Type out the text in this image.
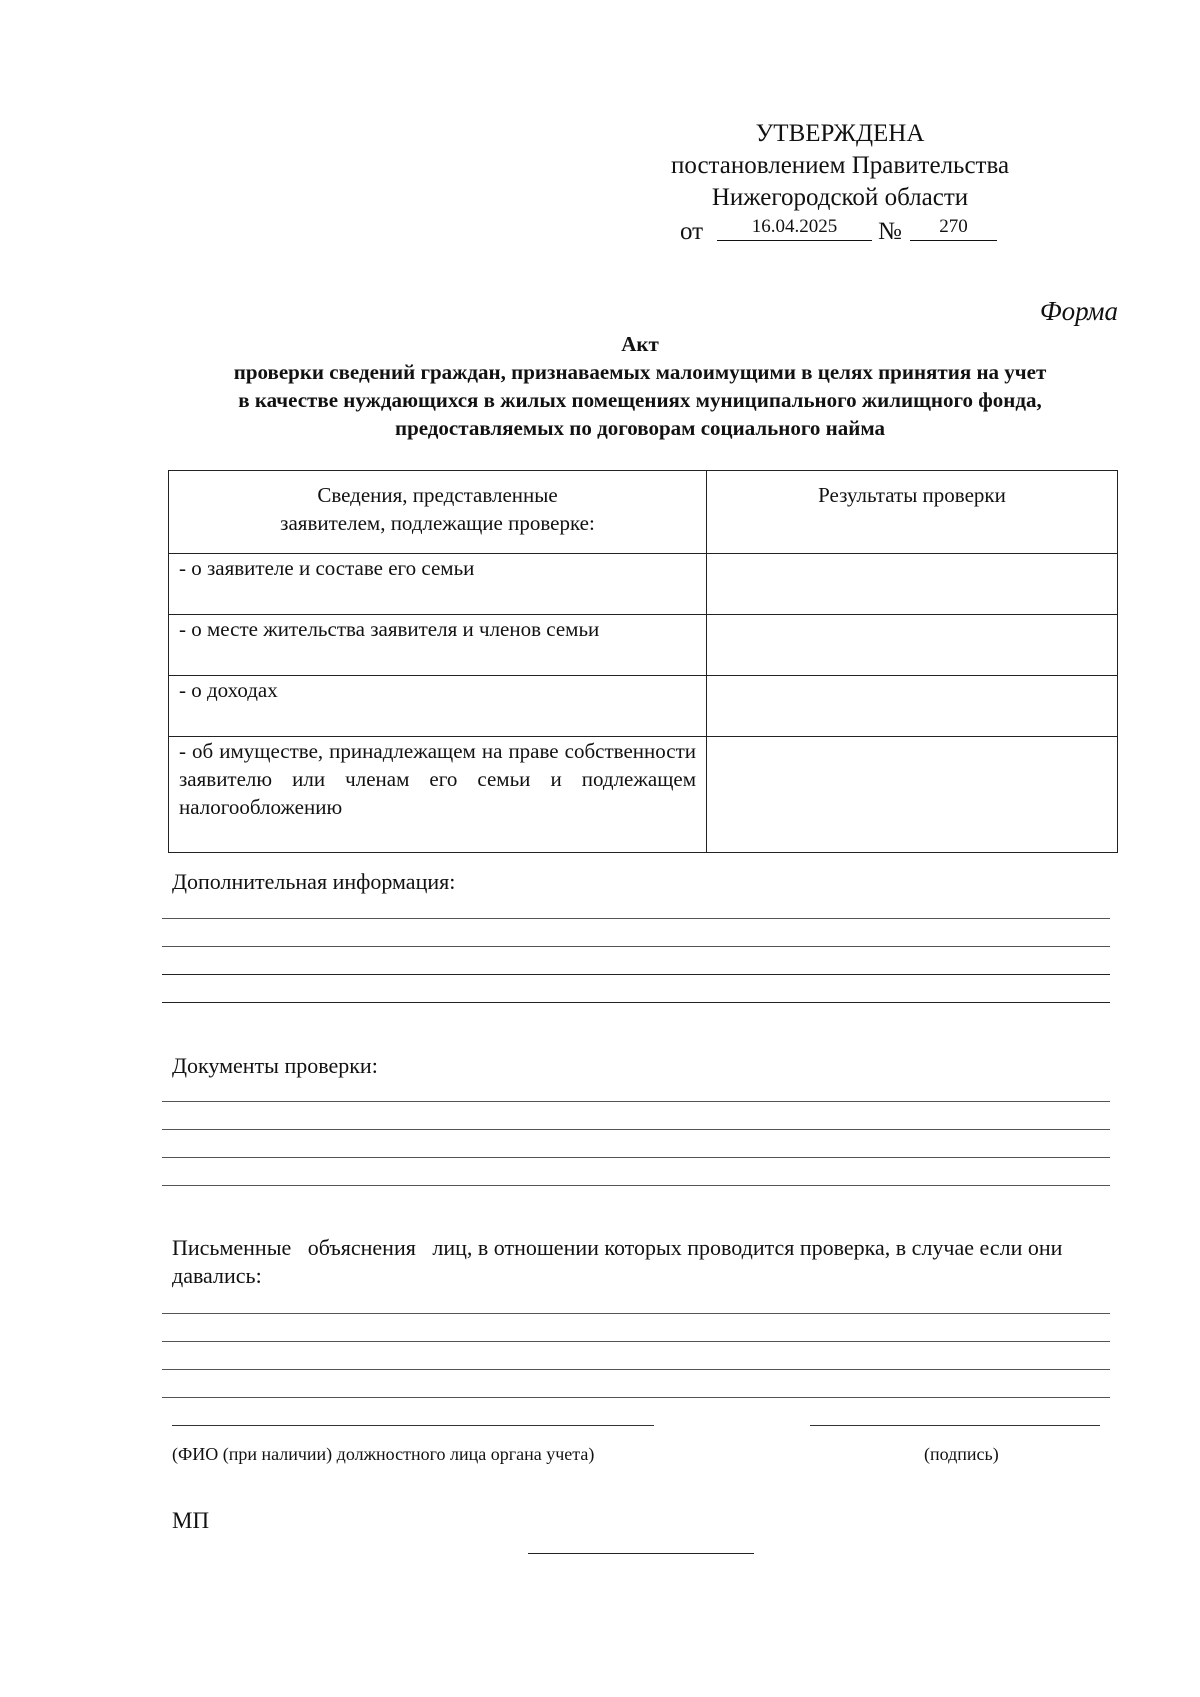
УТВЕРЖДЕНА
постановлением Правительства
Нижегородской области
от	16.04.2025	№	270
Форма
Акт
проверки сведений граждан, признаваемых малоимущими в целях принятия на учет
в качестве нуждающихся в жилых помещениях муниципального жилищного фонда,
предоставляемых по договорам социального найма
Сведения, представленные
заявителем, подлежащие проверке:	Результаты проверки
- о заявителе и составе его семьи	
- о месте жительства заявителя и членов семьи	
- о доходах	
- об имуществе, принадлежащем на праве собственности заявителю или членам его семьи и подлежащем налогообложению	
Дополнительная информация:
Документы проверки:
Письменные   объяснения   лиц, в отношении которых проводится проверка, в случае если они давались:
(ФИО (при наличии) должностного лица органа учета)	(подпись)
МП
